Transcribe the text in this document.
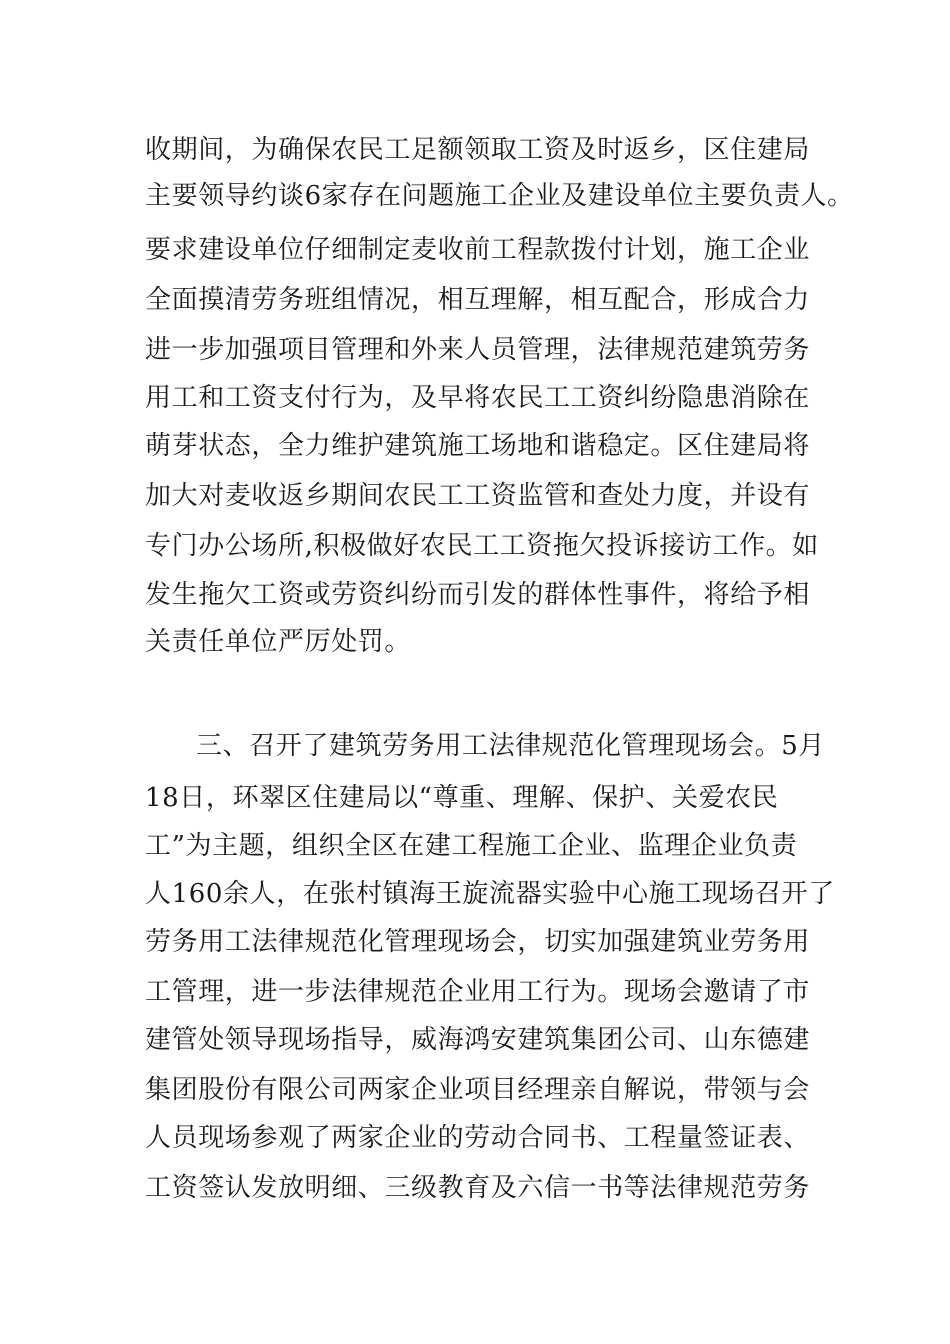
收期间，为确保农民工足额领取工资及时返乡，区住建局
主要领导约谈6家存在问题施工企业及建设单位主要负责人。
要求建设单位仔细制定麦收前工程款拨付计划，施工企业
全面摸清劳务班组情况，相互理解，相互配合，形成合力
进一步加强项目管理和外来人员管理，法律规范建筑劳务
用工和工资支付行为，及早将农民工工资纠纷隐患消除在
萌芽状态，全力维护建筑施工场地和谐稳定。区住建局将
加大对麦收返乡期间农民工工资监管和查处力度，并设有
专门办公场所,积极做好农民工工资拖欠投诉接访工作。如
发生拖欠工资或劳资纠纷而引发的群体性事件，将给予相
关责任单位严厉处罚。
三、召开了建筑劳务用工法律规范化管理现场会。5月
18日，环翠区住建局以“尊重、理解、保护、关爱农民
工”为主题，组织全区在建工程施工企业、监理企业负责
人160余人，在张村镇海王旋流器实验中心施工现场召开了
劳务用工法律规范化管理现场会，切实加强建筑业劳务用
工管理，进一步法律规范企业用工行为。现场会邀请了市
建管处领导现场指导，威海鸿安建筑集团公司、山东德建
集团股份有限公司两家企业项目经理亲自解说，带领与会
人员现场参观了两家企业的劳动合同书、工程量签证表、
工资签认发放明细、三级教育及六信一书等法律规范劳务
